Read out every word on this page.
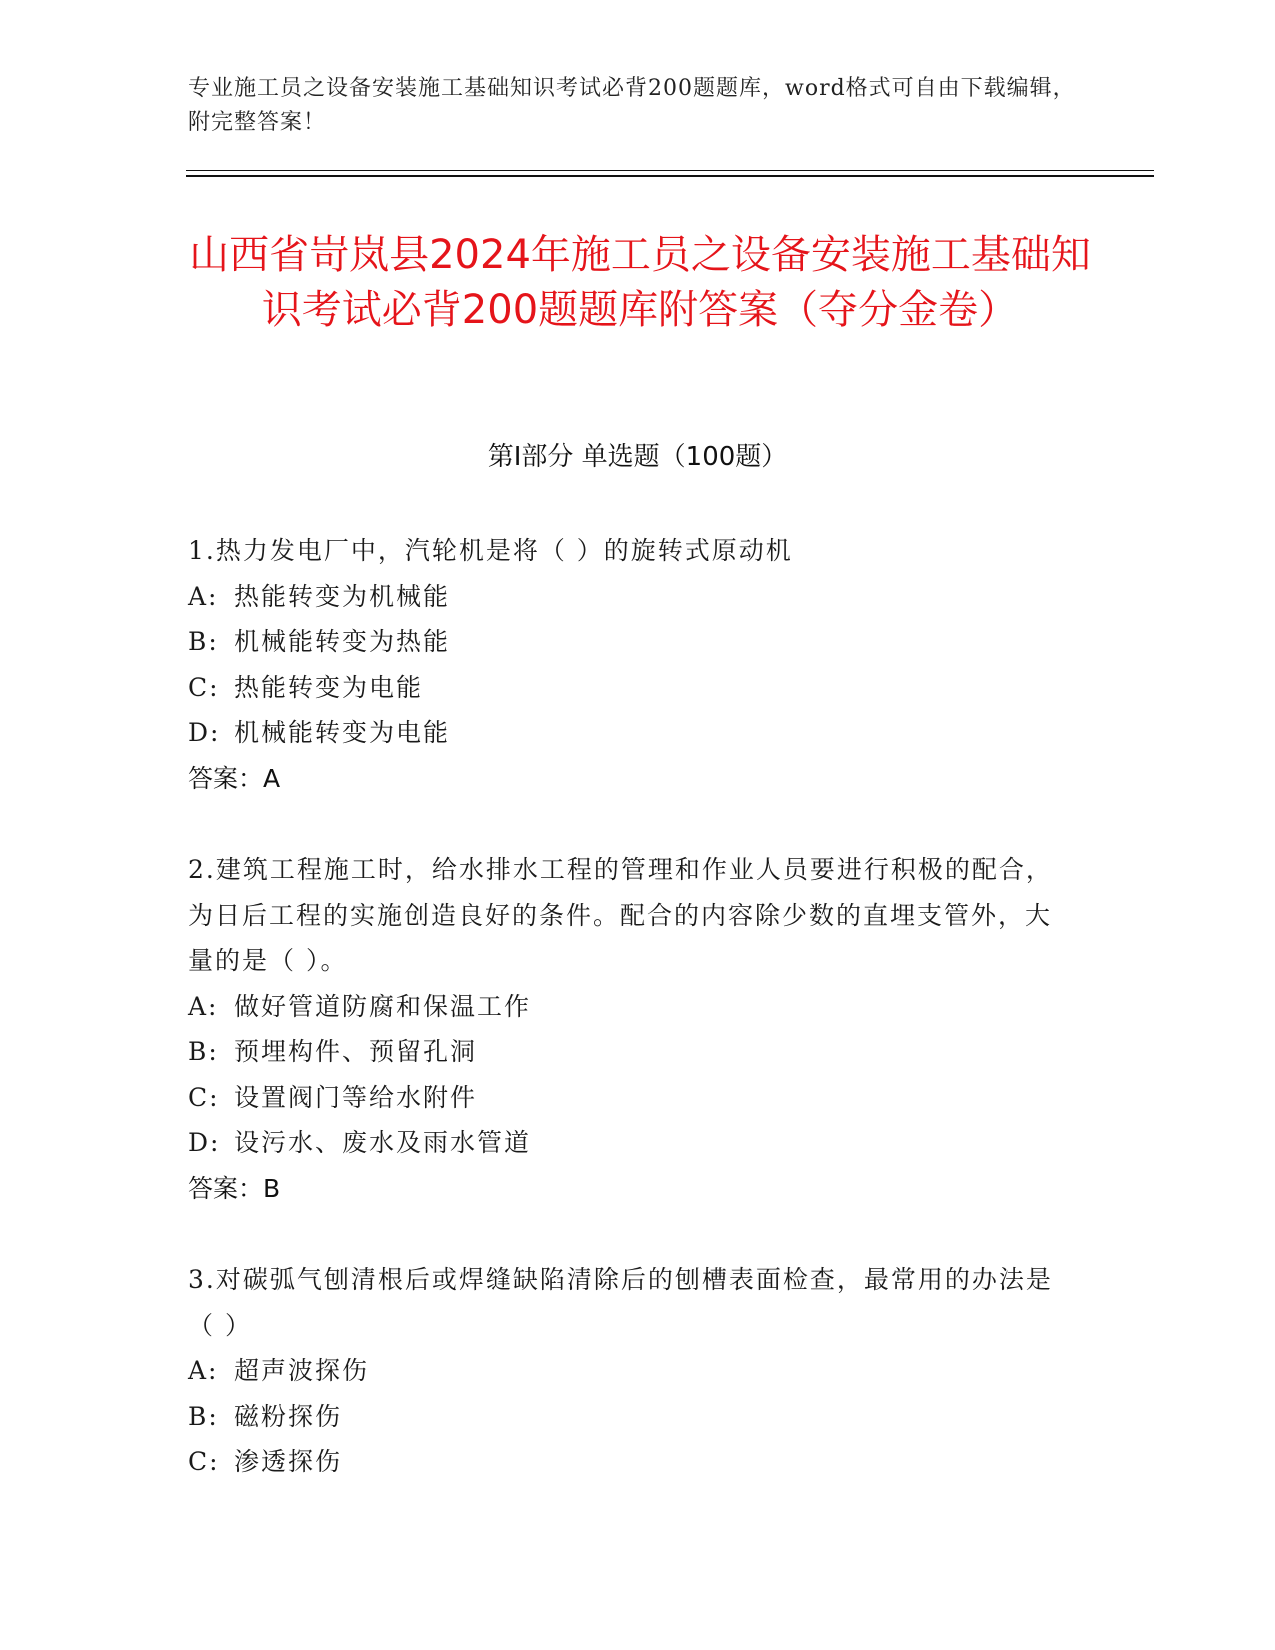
专业施工员之设备安装施工基础知识考试必背200题题库，word格式可自由下载编辑，附完整答案！
山西省岢岚县2024年施工员之设备安装施工基础知识考试必背200题题库附答案（夺分金卷）
第Ⅰ部分 单选题（100题）

1.热力发电厂中，汽轮机是将（ ）的旋转式原动机

A: 热能转变为机械能

B: 机械能转变为热能

C: 热能转变为电能

D: 机械能转变为电能

答案：A

2.建筑工程施工时，给水排水工程的管理和作业人员要进行积极的配合，为日后工程的实施创造良好的条件。配合的内容除少数的直埋支管外，大量的是（ ）。

A: 做好管道防腐和保温工作

B: 预埋构件、预留孔洞

C: 设置阀门等给水附件

D: 设污水、废水及雨水管道

答案：B

3.对碳弧气刨清根后或焊缝缺陷清除后的刨槽表面检查，最常用的办法是（ ）

A: 超声波探伤

B: 磁粉探伤

C: 渗透探伤
